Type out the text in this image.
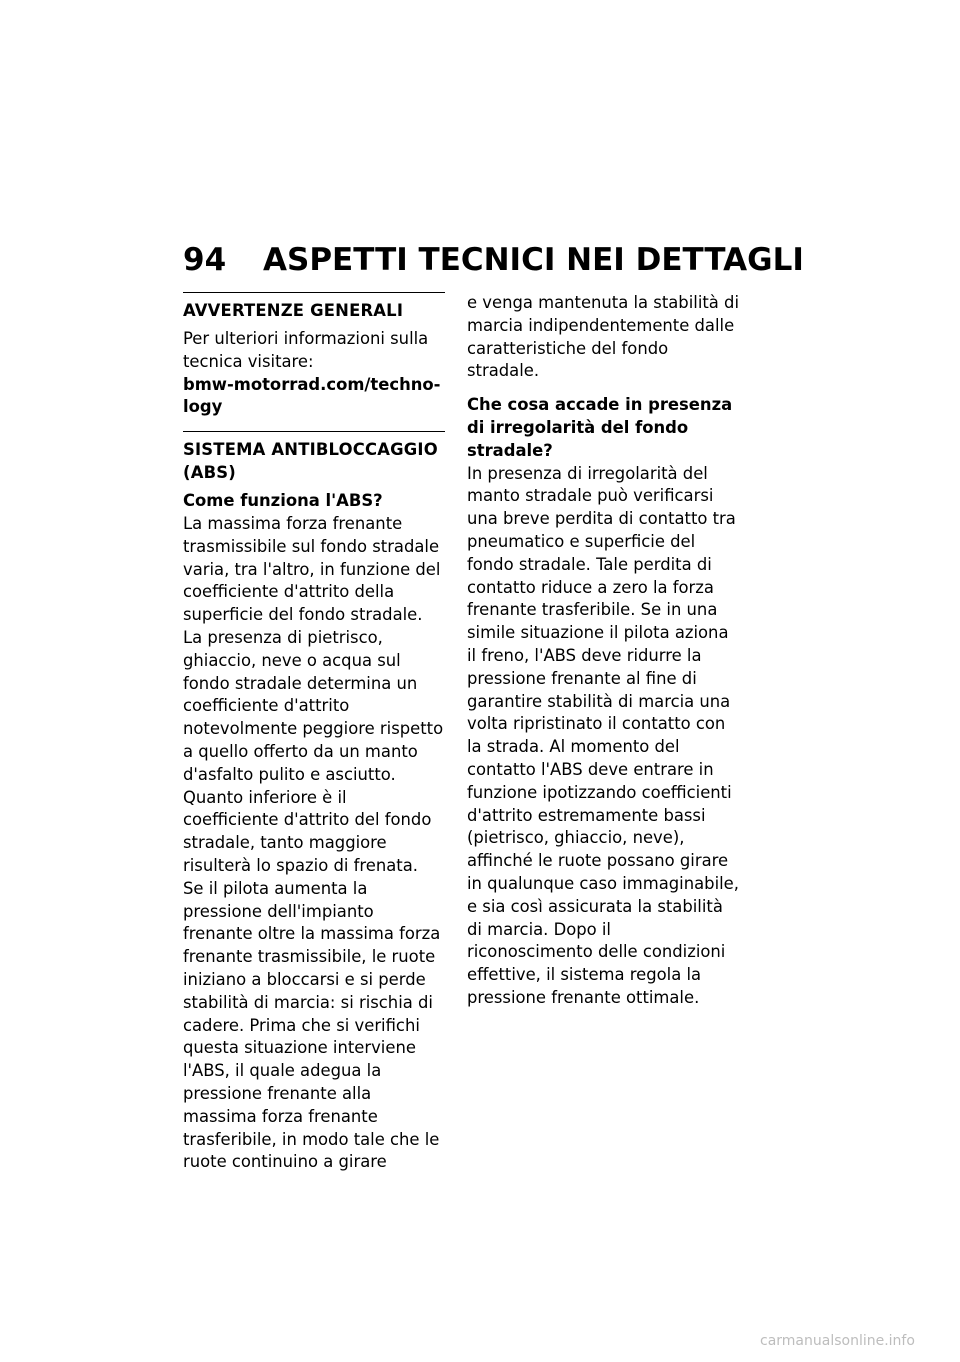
94 ASPETTI TECNICI NEI DETTAGLI
AVVERTENZE GENERALI

Per ulteriori informazioni sulla tecnica visitare:

bmw-motorrad.com/techno-logy

SISTEMA ANTIBLOCCAGGIO (ABS)

Come funziona l'ABS?

La massima forza frenante trasmissibile sul fondo stradale varia, tra l'altro, in funzione del coefficiente d'attrito della superficie del fondo stradale. La presenza di pietrisco, ghiaccio, neve o acqua sul fondo stradale determina un coefficiente d'attrito notevolmente peggiore rispetto a quello offerto da un manto d'asfalto pulito e asciutto. Quanto inferiore è il coefficiente d'attrito del fondo stradale, tanto maggiore risulterà lo spazio di frenata.

Se il pilota aumenta la pressione dell'impianto frenante oltre la massima forza frenante trasmissibile, le ruote iniziano a bloccarsi e si perde stabilità di marcia: si rischia di cadere. Prima che si verifichi questa situazione interviene l'ABS, il quale adegua la pressione frenante alla massima forza frenante trasferibile, in modo tale che le ruote continuino a girare

e venga mantenuta la stabilità di marcia indipendentemente dalle caratteristiche del fondo stradale.

Che cosa accade in presenza di irregolarità del fondo stradale?

In presenza di irregolarità del manto stradale può verificarsi una breve perdita di contatto tra pneumatico e superficie del fondo stradale. Tale perdita di contatto riduce a zero la forza frenante trasferibile. Se in una simile situazione il pilota aziona il freno, l'ABS deve ridurre la pressione frenante al fine di garantire stabilità di marcia una volta ripristinato il contatto con la strada. Al momento del contatto l'ABS deve entrare in funzione ipotizzando coefficienti d'attrito estremamente bassi (pietrisco, ghiaccio, neve), affinché le ruote possano girare in qualunque caso immaginabile, e sia così assicurata la stabilità di marcia. Dopo il riconoscimento delle condizioni effettive, il sistema regola la pressione frenante ottimale.

carmanualsonline.info
